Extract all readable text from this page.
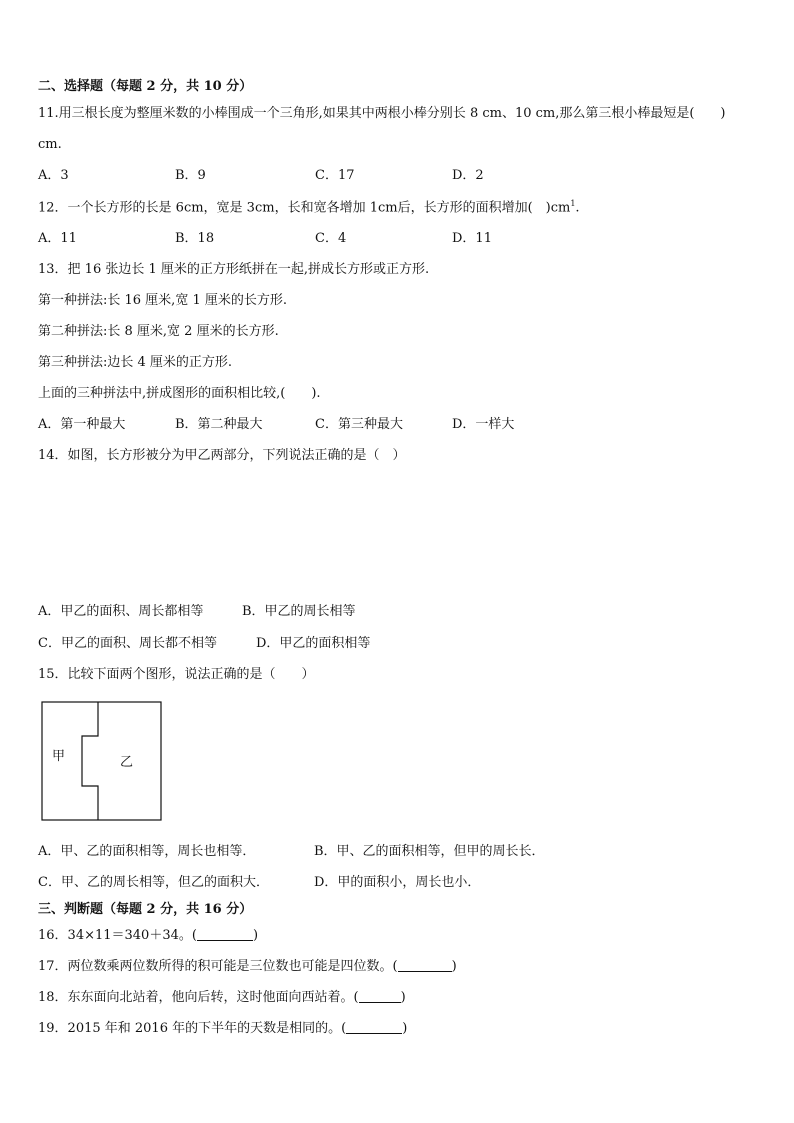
二、选择题（每题 2 分，共 10 分）
11.用三根长度为整厘米数的小棒围成一个三角形,如果其中两根小棒分别长 8 cm、10 cm,那么第三根小棒最短是(　　)
cm.
A．3	B．9	C．17	D．2
12．一个长方形的长是 6cm，宽是 3cm，长和宽各增加 1cm后，长方形的面积增加(　)$cm^1$.
A．11	B．18	C．4	D．11
13．把 16 张边长 1 厘米的正方形纸拼在一起,拼成长方形或正方形.
第一种拼法:长 16 厘米,宽 1 厘米的长方形.
第二种拼法:长 8 厘米,宽 2 厘米的长方形.
第三种拼法:边长 4 厘米的正方形.
上面的三种拼法中,拼成图形的面积相比较,(　　).
A．第一种最大	B．第二种最大	C．第三种最大	D．一样大
14．如图，长方形被分为甲乙两部分，下列说法正确的是（　）
A．甲乙的面积、周长都相等	B．甲乙的周长相等
C．甲乙的面积、周长都不相等	D．甲乙的面积相等
15．比较下面两个图形，说法正确的是（　　）
甲	乙
A．甲、乙的面积相等，周长也相等．	B．甲、乙的面积相等，但甲的周长长．
C．甲、乙的周长相等，但乙的面积大．	D．甲的面积小，周长也小．
三、判断题（每题 2 分，共 16 分）
16．34×11＝340＋34。(	)
17．两位数乘两位数所得的积可能是三位数也可能是四位数。(	)
18．东东面向北站着，他向后转，这时他面向西站着。(	)
19．2015 年和 2016 年的下半年的天数是相同的。(	)
